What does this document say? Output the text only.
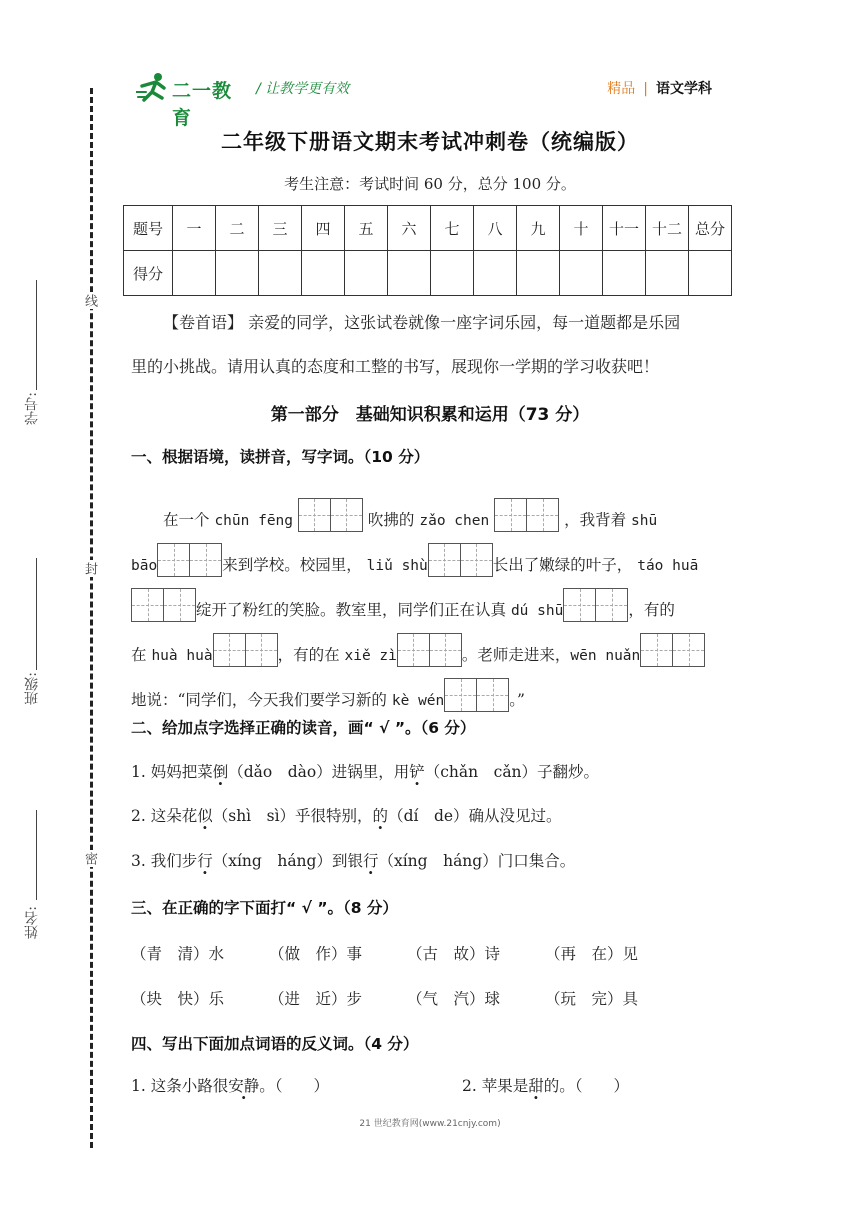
线
封
密
学号:
班级:
姓名:
二一教育
/ 让教学更有效	精品 | 语文学科
二年级下册语文期末考试冲刺卷（统编版）
考生注意：考试时间 60 分，总分 100 分。
题号	一	二	三	四	五	六	七	八	九	十	十一	十二	总分
得分													
【卷首语】 亲爱的同学，这张试卷就像一座字词乐园，每一道题都是乐园
里的小挑战。请用认真的态度和工整的书写，展现你一学期的学习收获吧！
第一部分　基础知识积累和运用（73 分）
一、根据语境，读拼音，写字词。（10 分）
在一个 chūn fēng	吹拂的 zǎo chen	，我背着 shū
bāo	来到学校。校园里， liǔ shù	长出了嫩绿的叶子， táo huā
绽开了粉红的笑脸。教室里，同学们正在认真 dú shū	，有的
在 huà huà	，有的在 xiě zì	。老师走进来，wēn nuǎn
地说：“同学们，今天我们要学习新的 kè wén	。”
二、给加点字选择正确的读音，画“ √ ”。（6 分）
1. 妈妈把菜倒（dǎo　dào）进锅里，用铲（chǎn　cǎn）子翻炒。
2. 这朵花似（shì　sì）乎很特别，的（dí　de）确从没见过。
3. 我们步行（xíng　háng）到银行（xíng　háng）门口集合。
三、在正确的字下面打“ √ ”。（8 分）
（青　清）水	（做　作）事	（古　故）诗	（再　在）见
（块　快）乐	（进　近）步	（气　汽）球	（玩　完）具
四、写出下面加点词语的反义词。（4 分）
1. 这条小路很安静。（　　）	2. 苹果是甜的。（　　）
21 世纪教育网(www.21cnjy.com)
